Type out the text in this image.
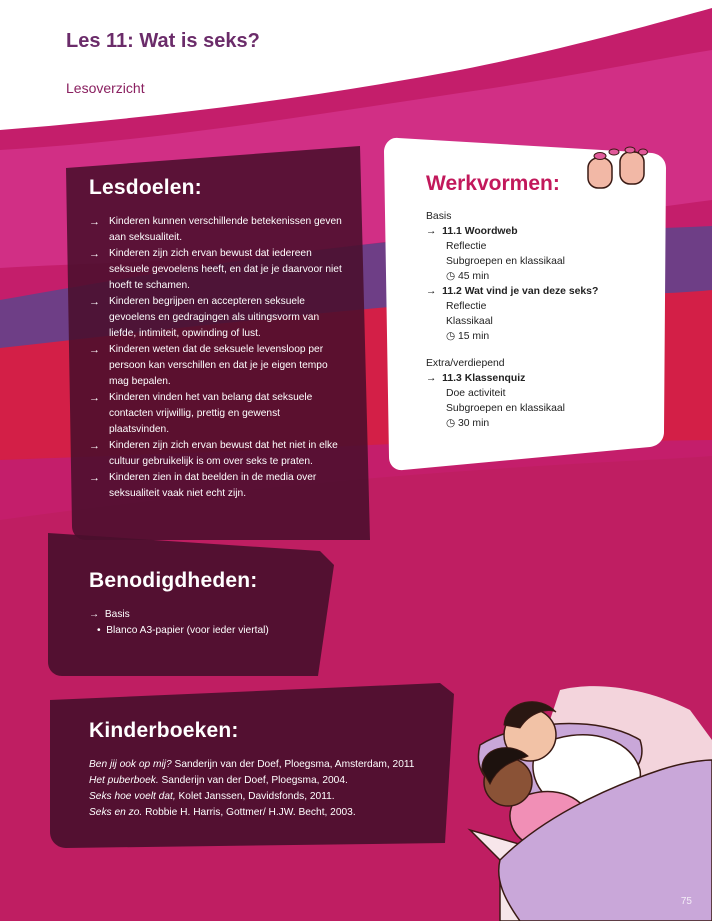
Les 11: Wat is seks?
Lesoverzicht
Lesdoelen:
→ Kinderen kunnen verschillende betekenissen geven
aan seksualiteit.
→ Kinderen zijn zich ervan bewust dat iedereen
seksuele gevoelens heeft, en dat je je daarvoor niet
hoeft te schamen.
→ Kinderen begrijpen en accepteren seksuele
gevoelens en gedragingen als uitingsvorm van
liefde, intimiteit, opwinding of lust.
→ Kinderen weten dat de seksuele levensloop per
persoon kan verschillen en dat je je eigen tempo
mag bepalen.
→ Kinderen vinden het van belang dat seksuele
contacten vrijwillig, prettig en gewenst
plaatsvinden.
→ Kinderen zijn zich ervan bewust dat het niet in elke
cultuur gebruikelijk is om over seks te praten.
→ Kinderen zien in dat beelden in de media over
seksualiteit vaak niet echt zijn.
Werkvormen:
Basis
→ 11.1 Woordweb
Reflectie
Subgroepen en klassikaal
◷ 45 min
→ 11.2 Wat vind je van deze seks?
Reflectie
Klassikaal
◷ 15 min
Extra/verdiepend
→ 11.3 Klassenquiz
Doe activiteit
Subgroepen en klassikaal
◷ 30 min
Benodigdheden:
→ Basis
• Blanco A3-papier (voor ieder viertal)
Kinderboeken:
Ben jij ook op mij? Sanderijn van der Doef, Ploegsma, Amsterdam, 2011
Het puberboek. Sanderijn van der Doef, Ploegsma, 2004.
Seks hoe voelt dat, Kolet Janssen, Davidsfonds, 2011.
Seks en zo. Robbie H. Harris, Gottmer/ H.JW. Becht, 2003.
75
